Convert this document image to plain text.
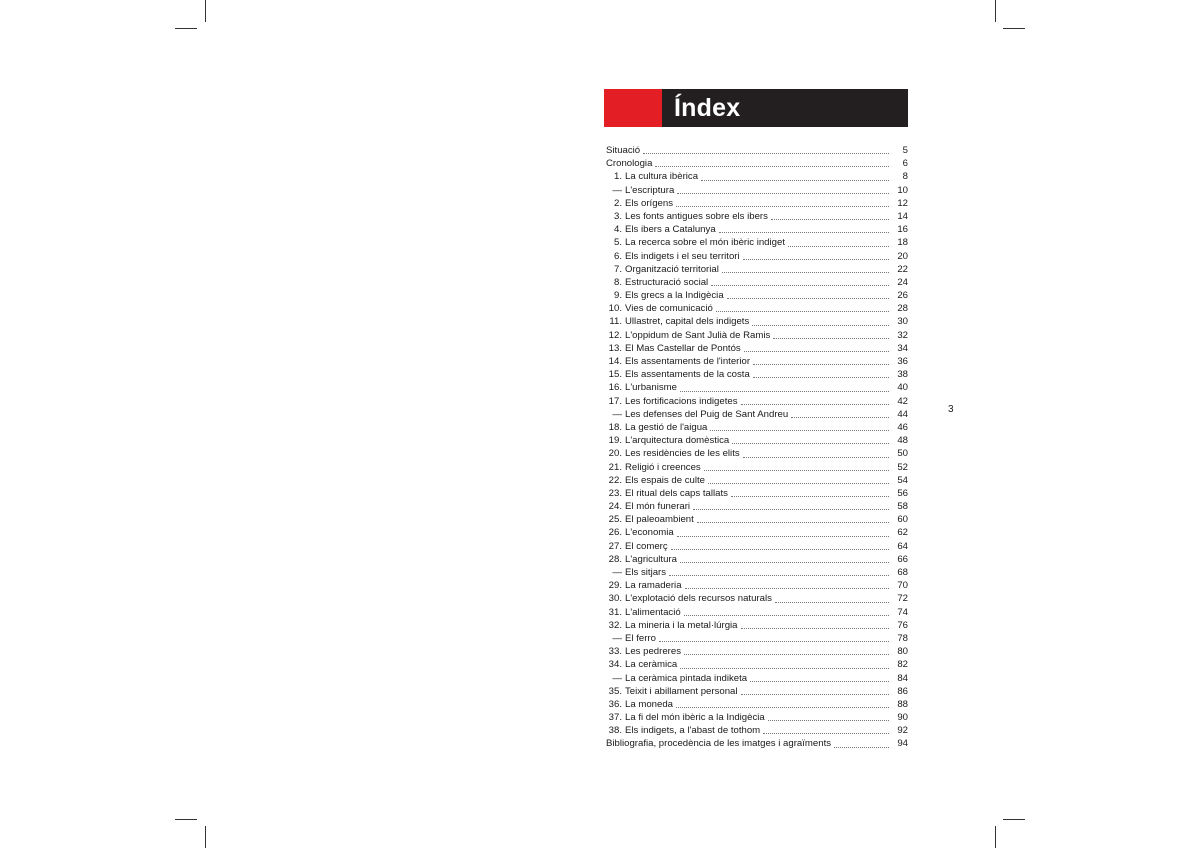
Índex
Situació	5
Cronologia	6
1. La cultura ibèrica	8
— L'escriptura	10
2. Els orígens	12
3. Les fonts antigues sobre els ibers	14
4. Els ibers a Catalunya	16
5. La recerca sobre el món ibèric indiget	18
6. Els indigets i el seu territori	20
7. Organització territorial	22
8. Estructuració social	24
9. Els grecs a la Indigècia	26
10. Vies de comunicació	28
11. Ullastret, capital dels indigets	30
12. L'oppidum de Sant Julià de Ramis	32
13. El Mas Castellar de Pontós	34
14. Els assentaments de l'interior	36
15. Els assentaments de la costa	38
16. L'urbanisme	40
17. Les fortificacions indigetes	42
— Les defenses del Puig de Sant Andreu	44
18. La gestió de l'aigua	46
19. L'arquitectura domèstica	48
20. Les residències de les elits	50
21. Religió i creences	52
22. Els espais de culte	54
23. El ritual dels caps tallats	56
24. El món funerari	58
25. El paleoambient	60
26. L'economia	62
27. El comerç	64
28. L'agricultura	66
— Els sitjars	68
29. La ramaderia	70
30. L'explotació dels recursos naturals	72
31. L'alimentació	74
32. La mineria i la metal·lúrgia	76
— El ferro	78
33. Les pedreres	80
34. La ceràmica	82
— La ceràmica pintada indiketa	84
35. Teixit i abillament personal	86
36. La moneda	88
37. La fi del món ibèric a la Indigècia	90
38. Els indigets, a l'abast de tothom	92
Bibliografia, procedència de les imatges i agraïments	94
3
